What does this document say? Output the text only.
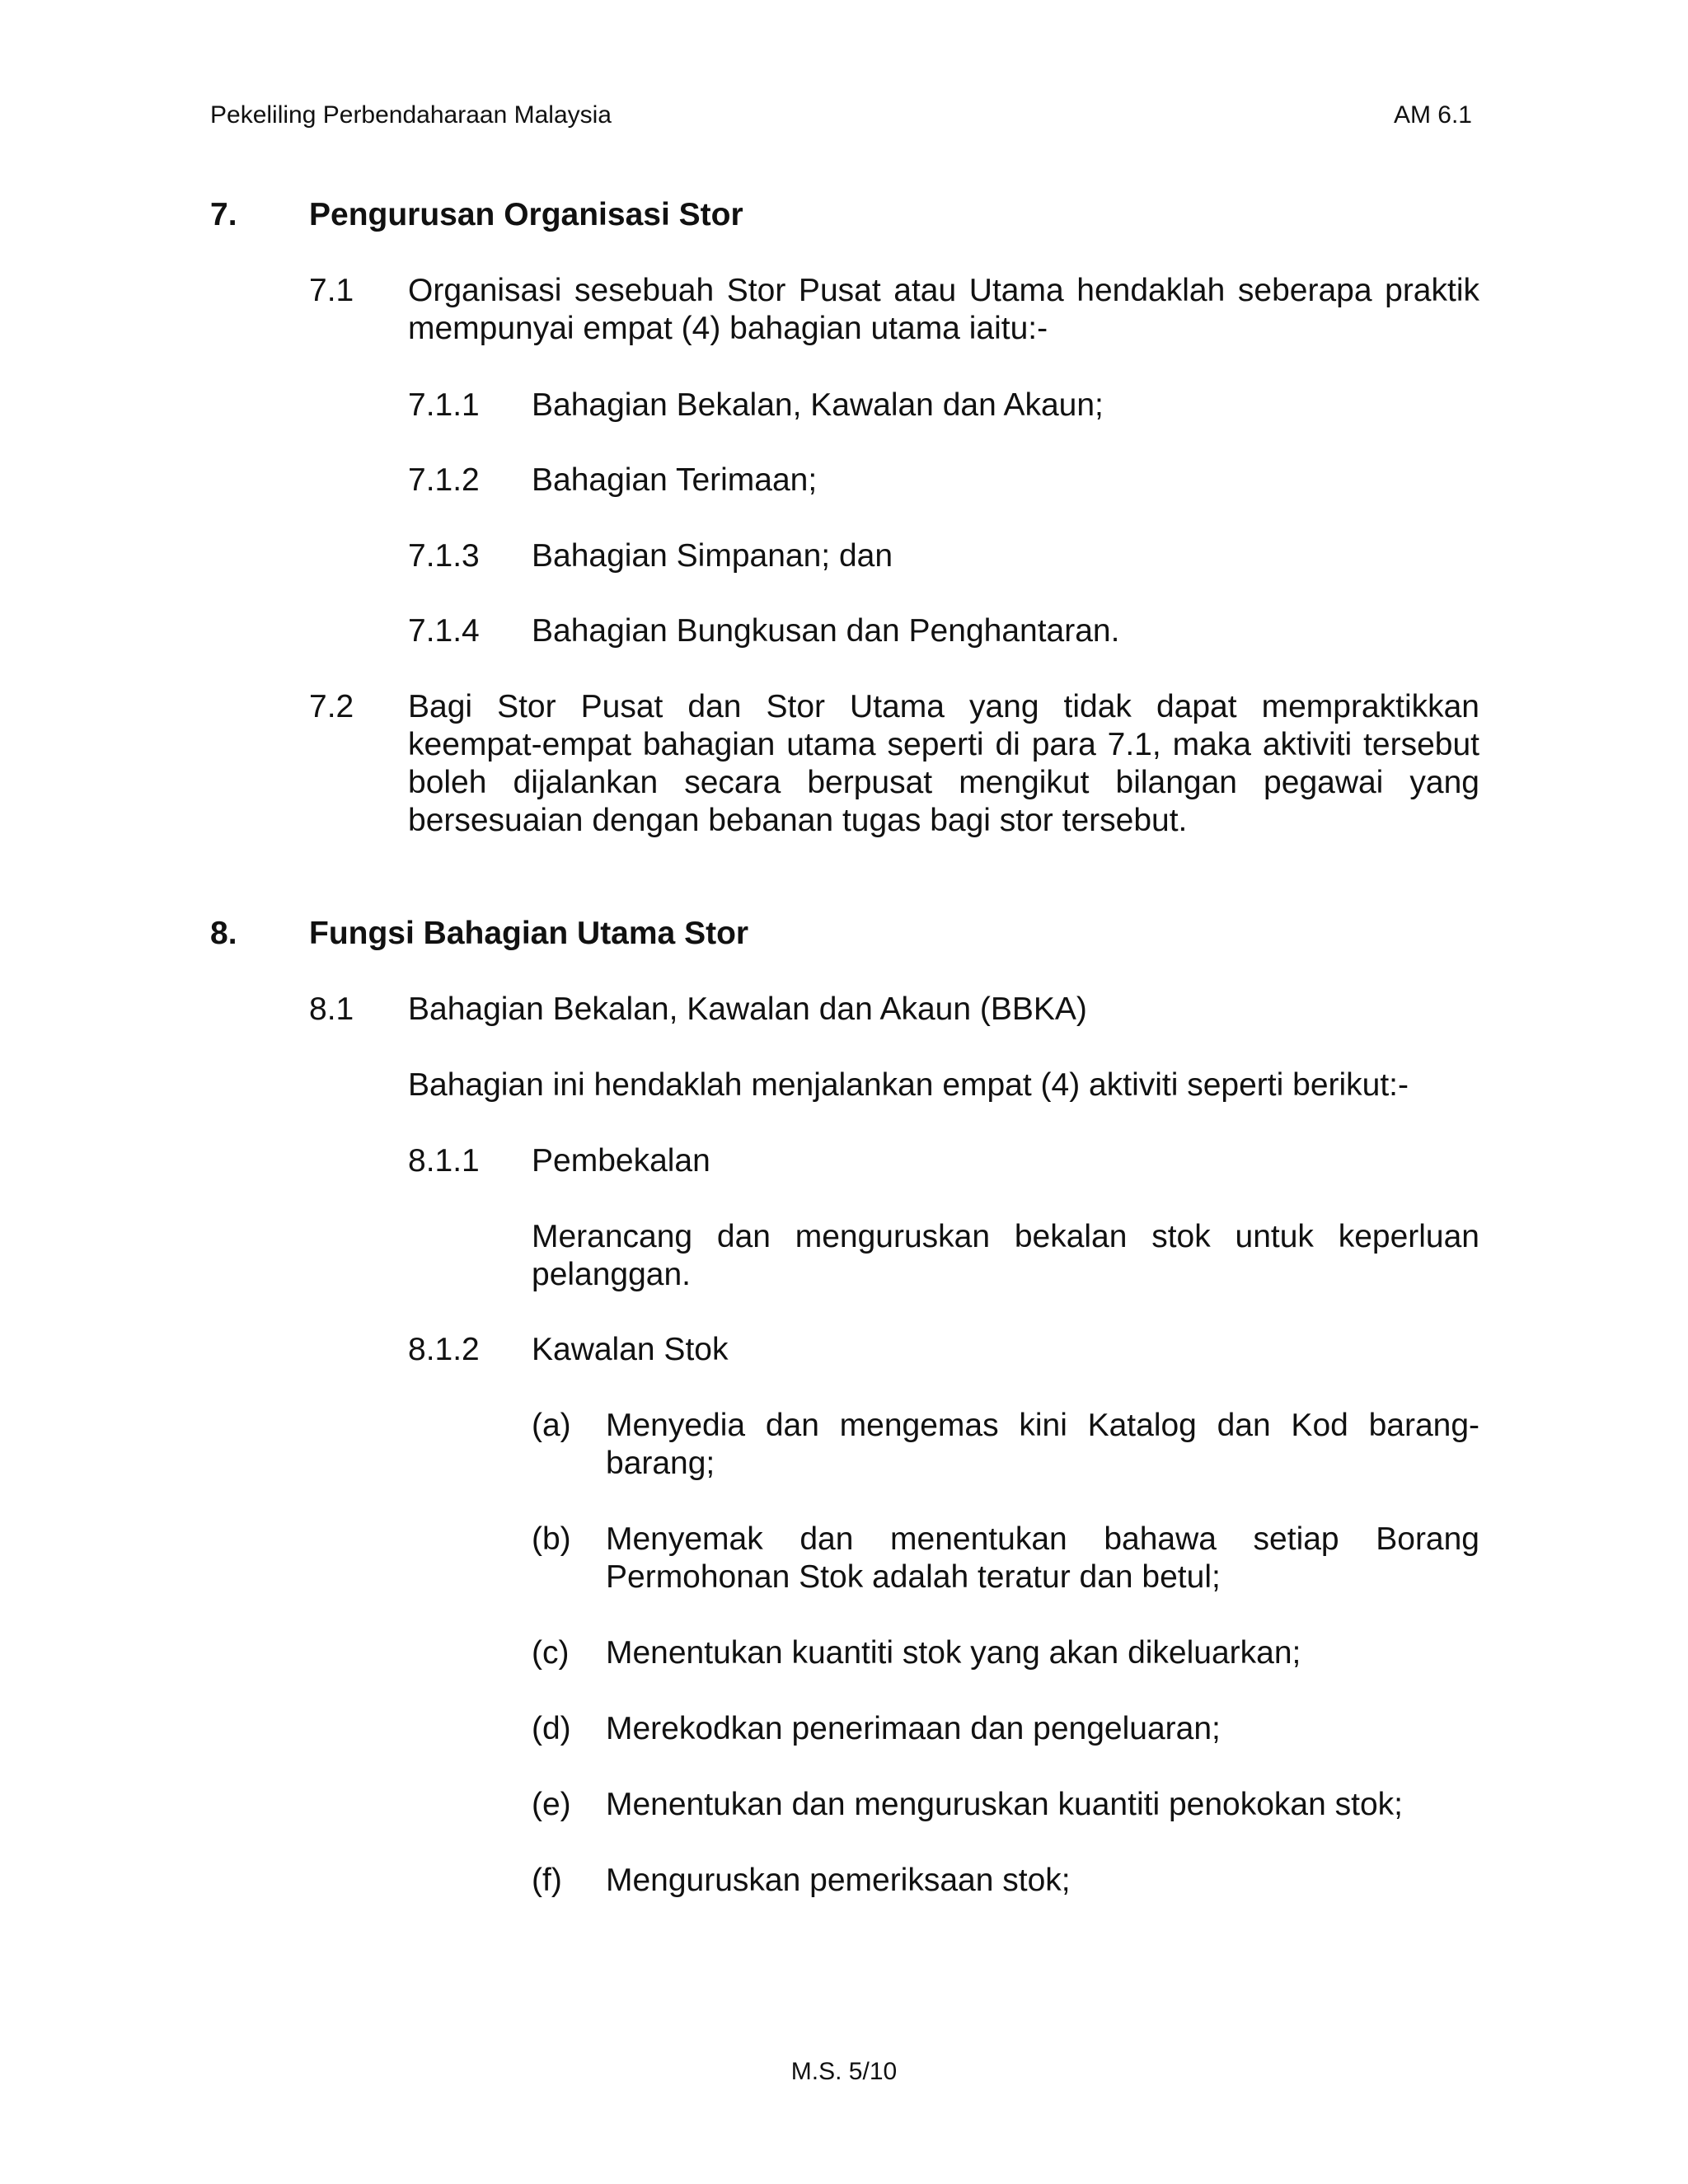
Pekeliling Perbendaharaan Malaysia	AM 6.1
7. Pengurusan Organisasi Stor
7.1 Organisasi sesebuah Stor Pusat atau Utama hendaklah seberapa praktik mempunyai empat (4) bahagian utama iaitu:-
7.1.1 Bahagian Bekalan, Kawalan dan Akaun;
7.1.2 Bahagian Terimaan;
7.1.3 Bahagian Simpanan; dan
7.1.4 Bahagian Bungkusan dan Penghantaran.
7.2 Bagi Stor Pusat dan Stor Utama yang tidak dapat mempraktikkan keempat-empat bahagian utama seperti di para 7.1, maka aktiviti tersebut boleh dijalankan secara berpusat mengikut bilangan pegawai yang bersesuaian dengan bebanan tugas bagi stor tersebut.
8. Fungsi Bahagian Utama Stor
8.1 Bahagian Bekalan, Kawalan dan Akaun (BBKA)
Bahagian ini hendaklah menjalankan empat (4) aktiviti seperti berikut:-
8.1.1 Pembekalan
Merancang dan menguruskan bekalan stok untuk keperluan pelanggan.
8.1.2 Kawalan Stok
(a) Menyedia dan mengemas kini Katalog dan Kod barang-barang;
(b) Menyemak dan menentukan bahawa setiap Borang Permohonan Stok adalah teratur dan betul;
(c) Menentukan kuantiti stok yang akan dikeluarkan;
(d) Merekodkan penerimaan dan pengeluaran;
(e) Menentukan dan menguruskan kuantiti penokokan stok;
(f) Menguruskan pemeriksaan stok;
M.S. 5/10
